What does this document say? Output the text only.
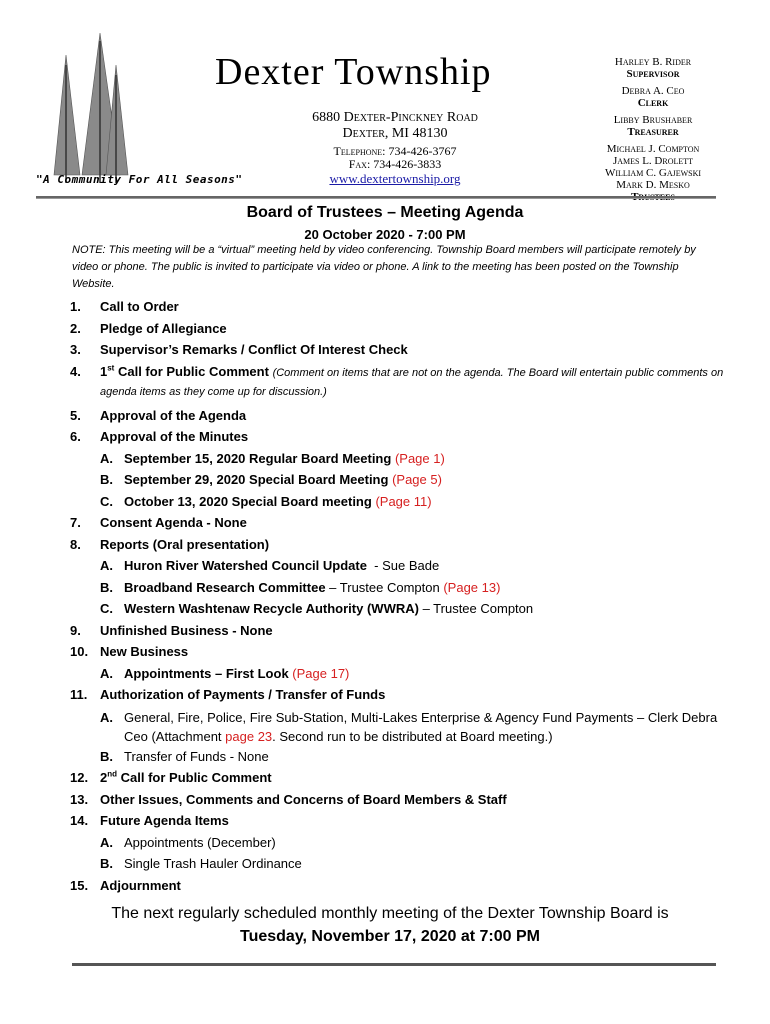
Dexter Township
6880 Dexter-Pinckney Road
Dexter, MI 48130
Telephone: 734-426-3767
Fax: 734-426-3833
www.dextertownship.org
"A Community For All Seasons"
Harley B. Rider
Supervisor
Debra A. Ceo
Clerk
Libby Brushaber
Treasurer
Michael J. Compton
James L. Drolett
William C. Gajewski
Mark D. Mesko
Trustees
Board of Trustees – Meeting Agenda
20 October 2020 - 7:00 PM
NOTE: This meeting will be a “virtual” meeting held by video conferencing. Township Board members will participate remotely by video or phone. The public is invited to participate via video or phone. A link to the meeting has been posted on the Township Website.
1.	Call to Order
2.	Pledge of Allegiance
3.	Supervisor’s Remarks / Conflict Of Interest Check
4.	1st Call for Public Comment (Comment on items that are not on the agenda. The Board will entertain public comments on agenda items as they come up for discussion.)
5.	Approval of the Agenda
6.	Approval of the Minutes
A. September 15, 2020 Regular Board Meeting (Page 1)
B. September 29, 2020 Special Board Meeting (Page 5)
C. October 13, 2020 Special Board meeting (Page 11)
7.	Consent Agenda - None
8.	Reports (Oral presentation)
A. Huron River Watershed Council Update  - Sue Bade
B. Broadband Research Committee – Trustee Compton (Page 13)
C. Western Washtenaw Recycle Authority (WWRA) – Trustee Compton
9.	Unfinished Business - None
10. New Business
A. Appointments – First Look (Page 17)
11. Authorization of Payments / Transfer of Funds
A. General, Fire, Police, Fire Sub-Station, Multi-Lakes Enterprise & Agency Fund Payments – Clerk Debra Ceo (Attachment page 23. Second run to be distributed at Board meeting.)
B. Transfer of Funds - None
12. 2nd Call for Public Comment
13. Other Issues, Comments and Concerns of Board Members & Staff
14. Future Agenda Items
A. Appointments (December)
B. Single Trash Hauler Ordinance
15. Adjournment
The next regularly scheduled monthly meeting of the Dexter Township Board is
Tuesday, November 17, 2020 at 7:00 PM
